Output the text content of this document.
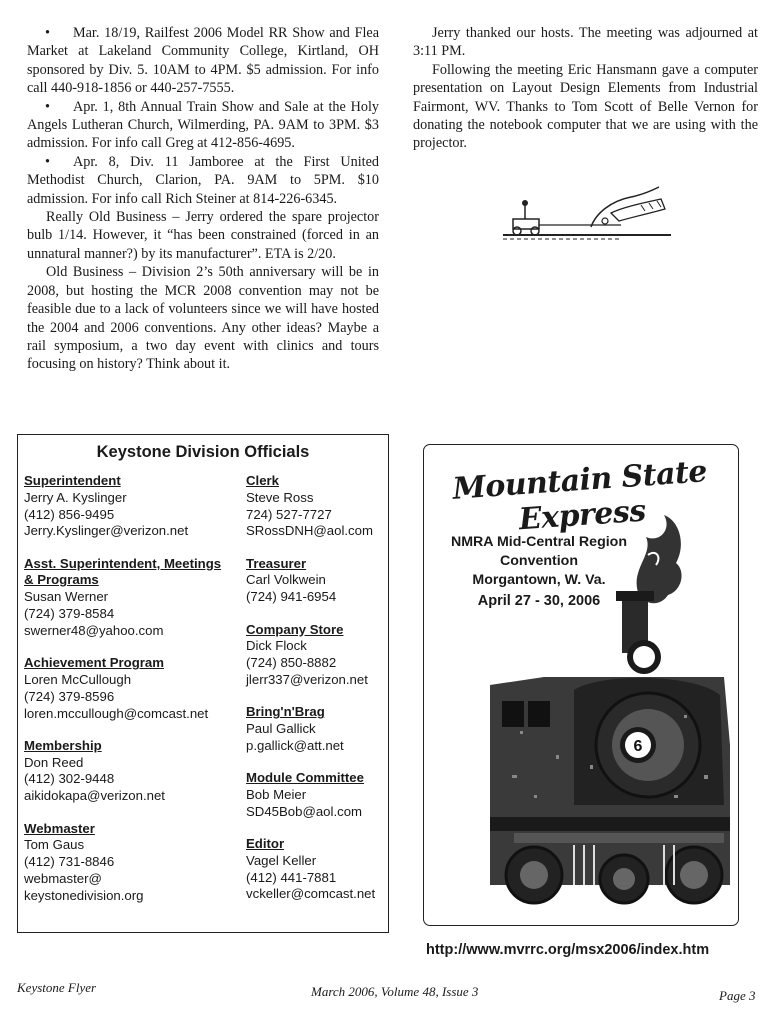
• Mar. 18/19, Railfest 2006 Model RR Show and Flea Market at Lakeland Community College, Kirtland, OH sponsored by Div. 5. 10AM to 4PM. $5 admission. For info call 440-918-1856 or 440-257-7555.

• Apr. 1, 8th Annual Train Show and Sale at the Holy Angels Lutheran Church, Wilmerding, PA. 9AM to 3PM. $3 admission. For info call Greg at 412-856-4695.

• Apr. 8, Div. 11 Jamboree at the First United Methodist Church, Clarion, PA. 9AM to 5PM. $10 admission. For info call Rich Steiner at 814-226-6345.

Really Old Business – Jerry ordered the spare projector bulb 1/14. However, it “has been constrained (forced in an unnatural manner?) by its manufacturer”. ETA is 2/20.

Old Business – Division 2’s 50th anniversary will be in 2008, but hosting the MCR 2008 convention may not be feasible due to a lack of volunteers since we will have hosted the 2004 and 2006 conventions. Any other ideas? Maybe a rail symposium, a two day event with clinics and tours focusing on history? Think about it.

Jerry thanked our hosts. The meeting was adjourned at 3:11 PM.

Following the meeting Eric Hansmann gave a computer presentation on Layout Design Elements from Industrial Fairmont, WV. Thanks to Tom Scott of Belle Vernon for donating the notebook computer that we are using with the projector.

Keystone Division Officials
Superintendent
Jerry A. Kyslinger
(412) 856-9495
Jerry.Kyslinger@verizon.net
Asst. Superintendent, Meetings & Programs
Susan Werner
(724) 379-8584
swerner48@yahoo.com
Achievement Program
Loren McCullough
(724) 379-8596
loren.mccullough@comcast.net
Membership
Don Reed
(412) 302-9448
aikidokapa@verizon.net
Webmaster
Tom Gaus
(412) 731-8846
webmaster@
keystonedivision.org
Clerk
Steve Ross
724) 527-7727
SRossDNH@aol.com
Treasurer
Carl Volkwein
(724) 941-6954
Company Store
Dick Flock
(724) 850-8882
jlerr337@verizon.net
Bring'n'Brag
Paul Gallick
p.gallick@att.net
Module Committee
Bob Meier
SD45Bob@aol.com
Editor
Vagel Keller
(412) 441-7881
vckeller@comcast.net
Mountain State Express
NMRA Mid-Central Region
Convention
Morgantown, W. Va.
April 27 - 30, 2006
6
http://www.mvrrc.org/msx2006/index.htm
Keystone Flyer	March 2006, Volume 48, Issue 3	Page 3
